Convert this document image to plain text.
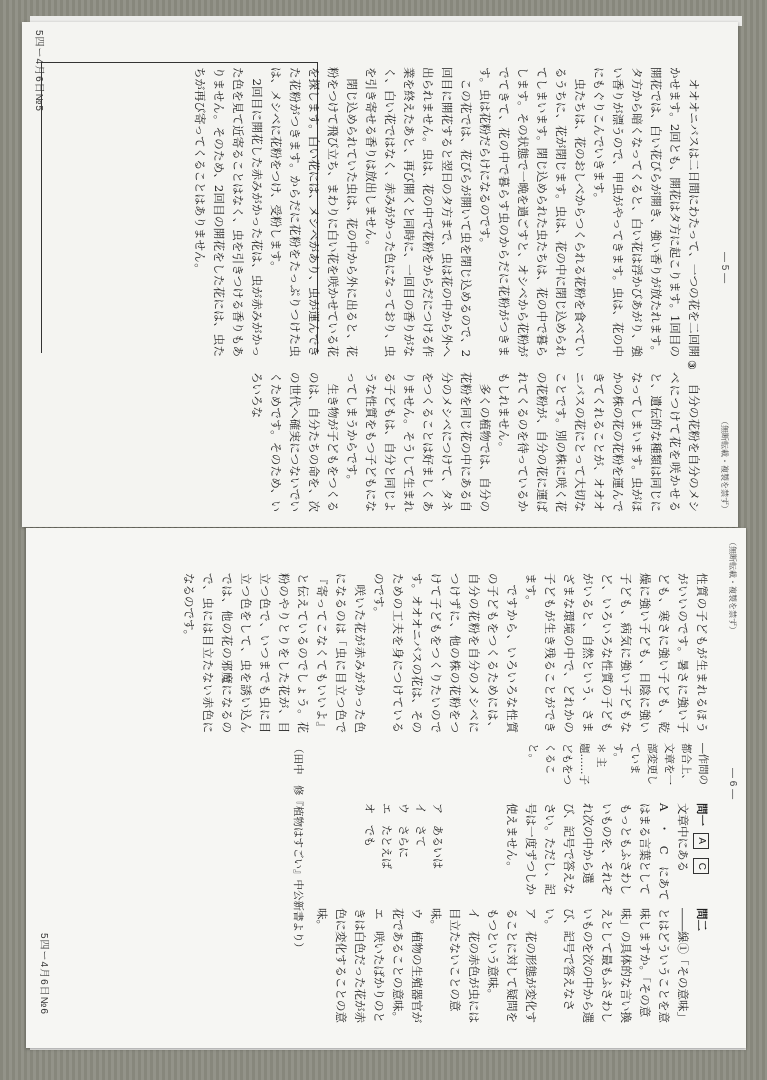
5四ー4月6日№5
（無断転載・複製を禁ず）
― 5 ―

オオオニバスは二日間にわたって、一つの花を二回開かせます。2回とも、開花はタ方に起こります。1回目の開花では、白い花びらが開き、強い香りが放たれます。タ方から暗くなってくると、白い花は浮かびあがり、強い香りが漂うので、甲虫がやってきます。虫は、花の中にもぐりこんでいきます。

虫たちは、花のおしべからつくられる花粉を食べているうちに、花が閉じます。虫は、花の中に閉じ込められてしまいます。閉じ込められた虫たちは、花の中で暮らします。その状態で一晩を過ごすと、オシベから花粉がでてきて、花の中で暮らす虫のからだに花粉がつきます。虫は花粉だらけになるのです。

この花では、花びらが開いて虫を閉じ込めるので、2回目に開花すると翌日のタ方まで、虫は花の中から外へ出られません。虫は、花の中で花粉をからだにつける作業を終えたあと、再び開くと同時に、一回目の香りがなく、白い花ではなく、赤みがかった色になっており、虫を引き寄せる香りは放出しません。

閉じ込められていた虫は、花の中から外に出ると、花粉をつけて飛び立ち、まわりに白い花を咲かせている花を探します。白い花には、メシベがあり、虫が運んできた花粉がつきます。からだに花粉をたっぷりつけた虫は、メシベに花粉をつけ、受粉します。

2回目に開花した赤みがかった花は、虫が赤みがかった色を見て近寄ることはなく、虫を引きつける香りもありません。そのため、2回目の開花をした花には、虫たちが再び寄ってくることはありません。

③

自分の花粉を自分のメシベにつけて花を咲かせると、遺伝的な種類は同じになってしまいます。虫がほかの株の花の花粉を運んできてくれることが、オオオニバスの花にとって大切なことです。別の株に咲く花の花粉が、自分の花に運ばれてくるのを待っているかもしれません。

多くの植物では、自分の花粉を同じ花の中にある自分のメシベにつけて、タネをつくることは好ましくありません。そうして生まれる子どもは、自分と同じような性質をもつ子どもになってしまうからです。

生き物が子どもをつくるのは、自分たちの命を、次の世代へ確実につないでいくためです。そのため、いろいろな

5四ー4月6日№6
（無断転載・複製を禁ず）
― 6 ―

性質の子どもが生まれるほうがいいのです。暑さに強い子ども、寒さに強い子ども、乾燥に強い子ども、日陰に強い子ども、病気に強い子どもなど、いろいろな性質の子どもがいると、自然という、さまざまな環境の中で、どれかの子どもが生き残ることができます。

ですから、いろいろな性質の子どもをつくるためには、自分の花粉を自分のメシベにつけずに、他の株の花粉をつけて子どもをつくりたいのです。オオオニバスの花は、そのための工夫を身につけているのです。

咲いた花が赤みがかった色になるのは「虫に目立つ色で『寄ってこなくてもいいよ』と伝えているのでしょう。花粉のやりとりをした花が、目立つ色で、いつまでも虫に目立つ色をして、虫を誘い込んでは、他の花の邪魔になるので、虫には目立たない赤色になるのです。

（田中　修『植物はすごい』中公新書より）	―作問の都合上、文章を一部変更しています。
＊ 主題……子どもをつくること。
問一 A C
文章中にある　A　・　C　にあてはまる言葉としてもっともふさわしいものを、それぞれ次の中から選び、記号で答えなさい。ただし、記号は一度ずつしか使えません。
ア　あるいは
イ　さて
ウ　さらに
エ　たとえば
オ　でも
問二
――線①「その意味」とはどういうことを意味しますか。「その意味」の具体的な言い換えとして最もふさわしいものを次の中から選び、記号で答えなさい。
ア　花の形態が変化することに対して疑問をもつという意味。
イ　花の赤色が虫には目立たないことの意味。
ウ　植物の生殖器官が花であることの意味。
エ　咲いたばかりのときは白色だった花が赤色に変化することの意味。
